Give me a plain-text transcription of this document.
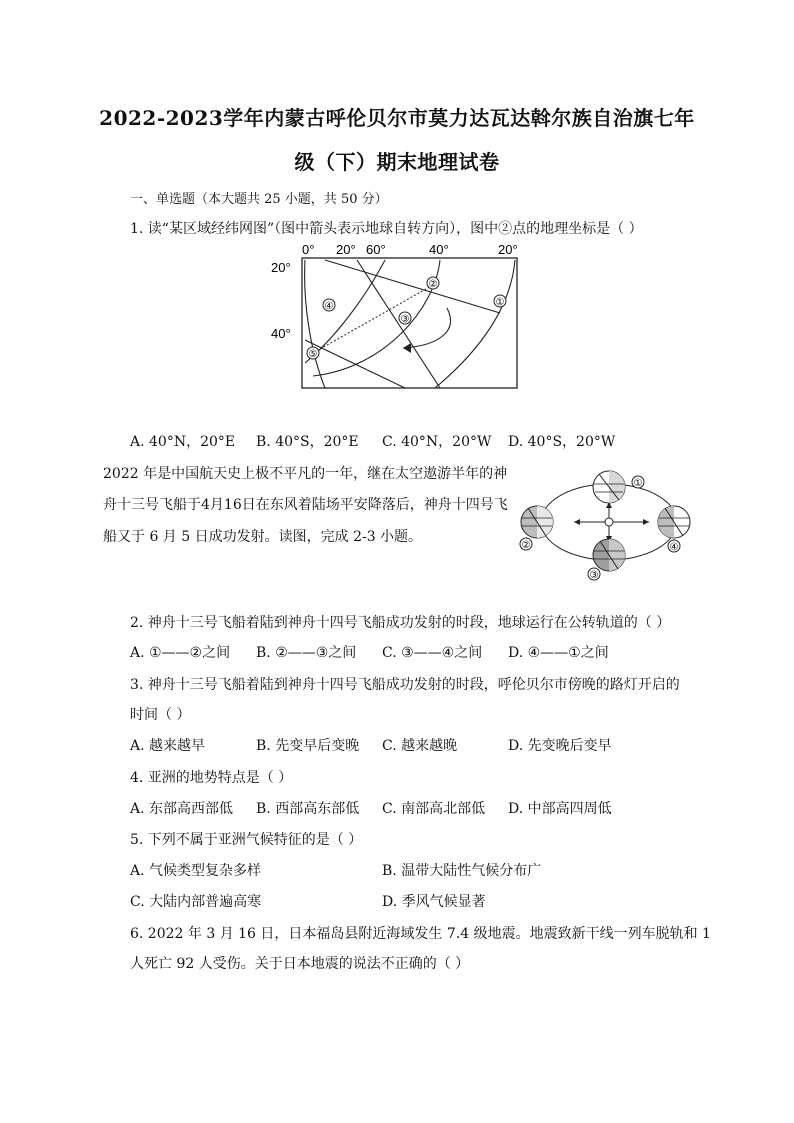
2022-2023学年内蒙古呼伦贝尔市莫力达瓦达斡尔族自治旗七年
级（下）期末地理试卷
一、单选题（本大题共 25 小题，共 50 分）
1. 读“某区域经纬网图”（图中箭头表示地球自转方向），图中②点的地理坐标是（ ）
0° 20° 60°	40°	20°
20°
40°
①
②
③
④
⑤
A. 40°N，20°E B. 40°S，20°E C. 40°N，20°W D. 40°S，20°W
2022 年是中国航天史上极不平凡的一年，继在太空遨游半年的神
舟十三号飞船于4月16日在东风着陆场平安降落后，神舟十四号飞
船又于 6 月 5 日成功发射。读图，完成 2-3 小题。
①
②
③
④
2. 神舟十三号飞船着陆到神舟十四号飞船成功发射的时段，地球运行在公转轨道的（ ）
A. ①——②之间 B. ②——③之间 C. ③——④之间 D. ④——①之间
3. 神舟十三号飞船着陆到神舟十四号飞船成功发射的时段，呼伦贝尔市傍晚的路灯开启的
时间（ ）
A. 越来越早	B. 先变早后变晚 C. 越来越晚	D. 先变晚后变早
4. 亚洲的地势特点是（ ）
A. 东部高西部低 B. 西部高东部低 C. 南部高北部低 D. 中部高四周低
5. 下列不属于亚洲气候特征的是（ ）
A. 气候类型复杂多样	B. 温带大陆性气候分布广
C. 大陆内部普遍高寒	D. 季风气候显著
6. 2022 年 3 月 16 日，日本福岛县附近海域发生 7.4 级地震。地震致新干线一列车脱轨和 1
人死亡 92 人受伤。关于日本地震的说法不正确的（ ）
